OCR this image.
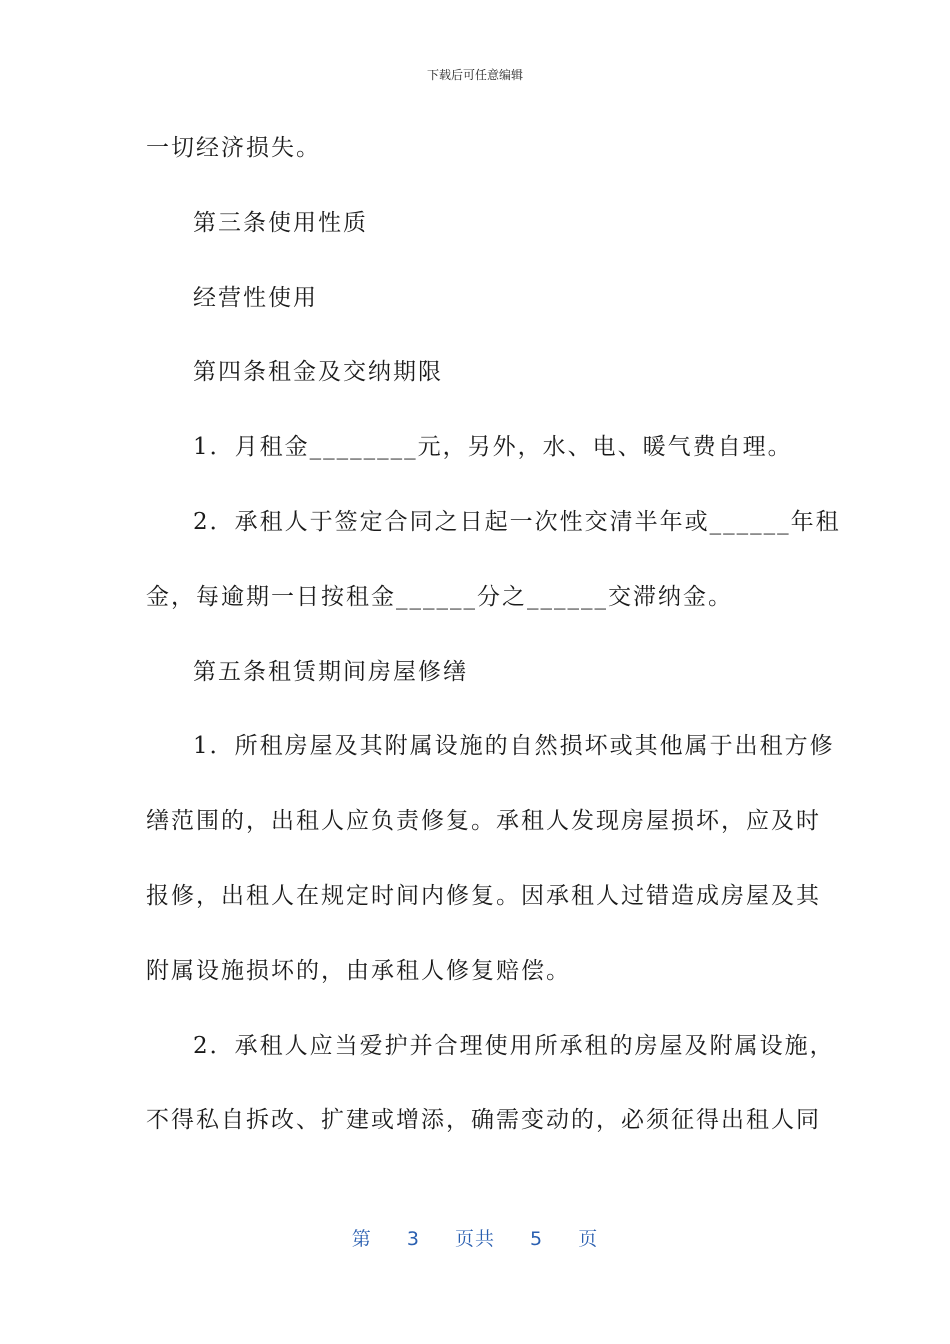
下载后可任意编辑
一切经济损失。
第三条使用性质
经营性使用
第四条租金及交纳期限
1．月租金________元，另外，水、电、暖气费自理。
2．承租人于签定合同之日起一次性交清半年或______年租
金，每逾期一日按租金______分之______交滞纳金。
第五条租赁期间房屋修缮
1．所租房屋及其附属设施的自然损坏或其他属于出租方修
缮范围的，出租人应负责修复。承租人发现房屋损坏，应及时
报修，出租人在规定时间内修复。因承租人过错造成房屋及其
附属设施损坏的，由承租人修复赔偿。
2．承租人应当爱护并合理使用所承租的房屋及附属设施，
不得私自拆改、扩建或增添，确需变动的，必须征得出租人同
第 3 页共 5 页
